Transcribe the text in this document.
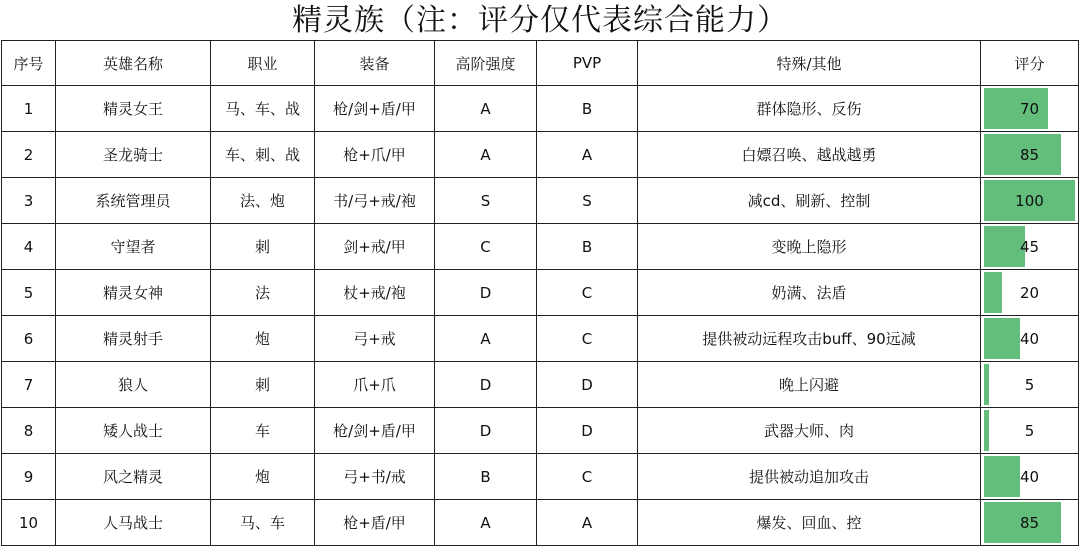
精灵族（注：评分仅代表综合能力）
序号	英雄名称	职业	装备	高阶强度	PVP	特殊/其他	评分
1	精灵女王	马、车、战	枪/剑+盾/甲	A	B	群体隐形、反伤	70
2	圣龙骑士	车、刺、战	枪+爪/甲	A	A	白嫖召唤、越战越勇	85
3	系统管理员	法、炮	书/弓+戒/袍	S	S	减cd、刷新、控制	100
4	守望者	刺	剑+戒/甲	C	B	变晚上隐形	45
5	精灵女神	法	杖+戒/袍	D	C	奶满、法盾	20
6	精灵射手	炮	弓+戒	A	C	提供被动远程攻击buff、90远减	40
7	狼人	刺	爪+爪	D	D	晚上闪避	5
8	矮人战士	车	枪/剑+盾/甲	D	D	武器大师、肉	5
9	风之精灵	炮	弓+书/戒	B	C	提供被动追加攻击	40
10	人马战士	马、车	枪+盾/甲	A	A	爆发、回血、控	85
